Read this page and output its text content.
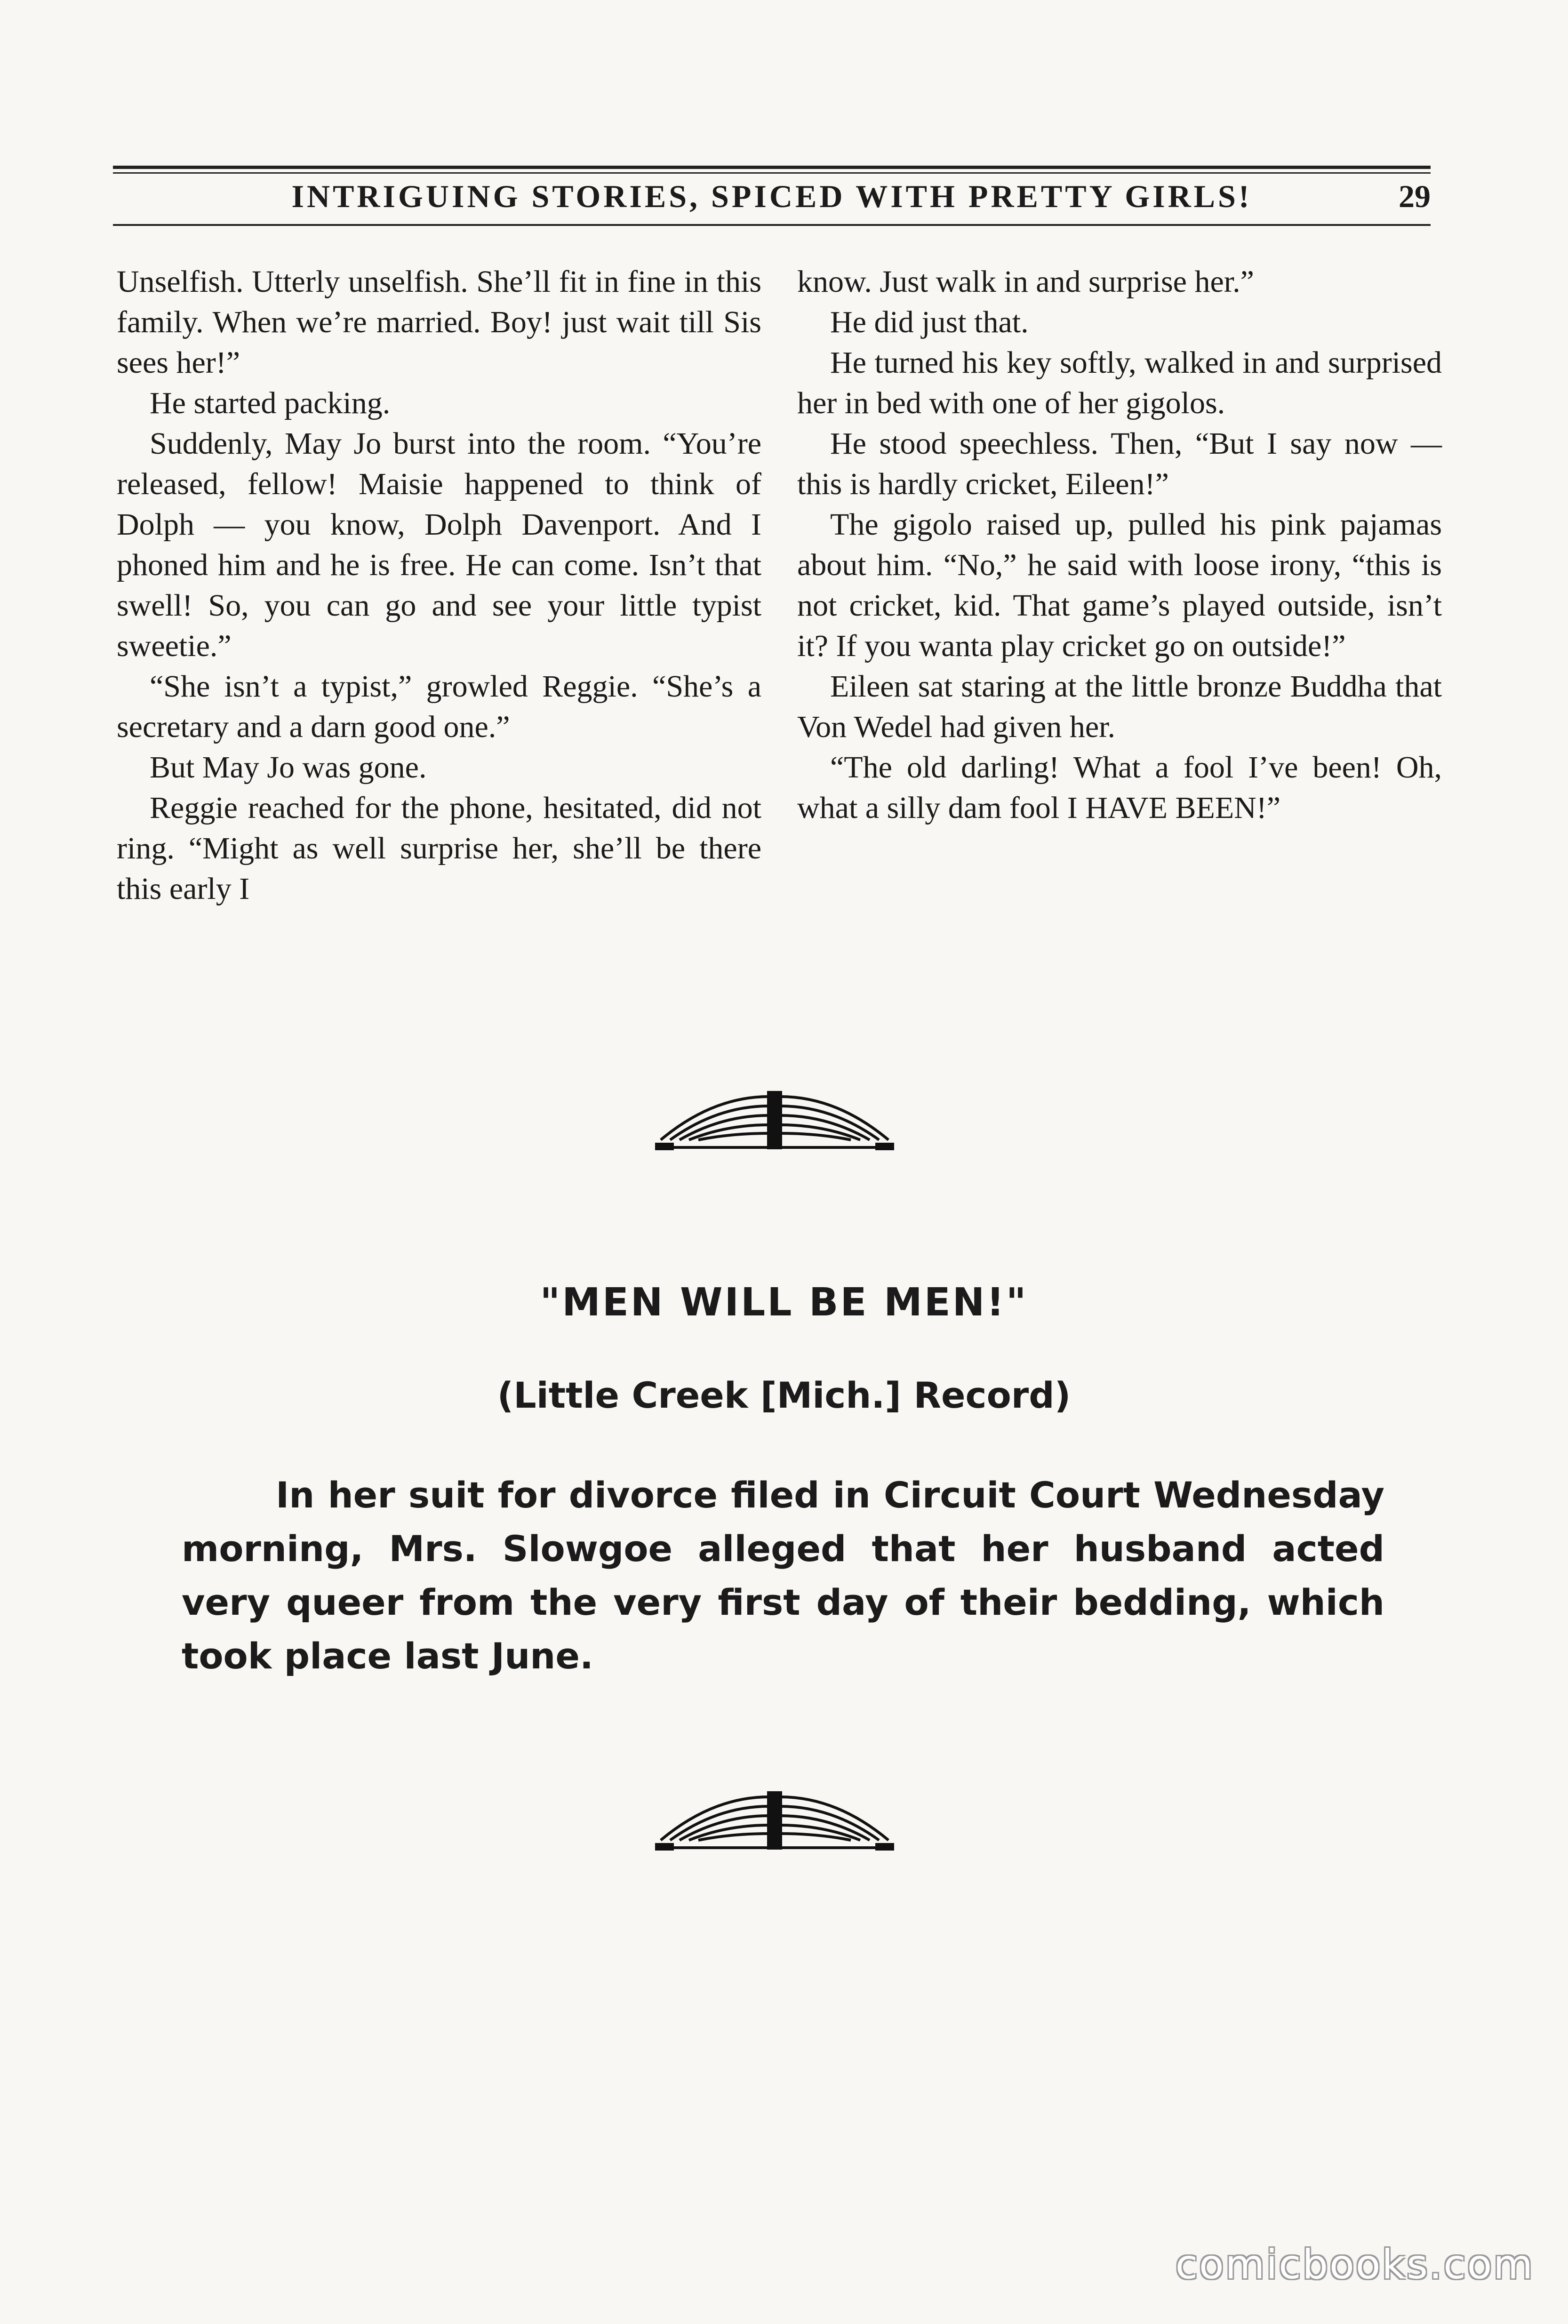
INTRIGUING STORIES, SPICED WITH PRETTY GIRLS!	29

Unselfish. Utterly unselfish. She’ll fit in fine in this family. When we’re married. Boy! just wait till Sis sees her!”

He started packing.

Suddenly, May Jo burst into the room. “You’re released, fellow! Maisie happened to think of Dolph — you know, Dolph Davenport. And I phoned him and he is free. He can come. Isn’t that swell! So, you can go and see your little typist sweetie.”

“She isn’t a typist,” growled Reggie. “She’s a secretary and a darn good one.”

But May Jo was gone.

Reggie reached for the phone, hesitated, did not ring. “Might as well surprise her, she’ll be there this early I

know. Just walk in and surprise her.”

He did just that.

He turned his key softly, walked in and surprised her in bed with one of her gigolos.

He stood speechless. Then, “But I say now — this is hardly cricket, Eileen!”

The gigolo raised up, pulled his pink pajamas about him. “No,” he said with loose irony, “this is not cricket, kid. That game’s played outside, isn’t it? If you wanta play cricket go on outside!”

Eileen sat staring at the little bronze Buddha that Von Wedel had given her.

“The old darling! What a fool I’ve been! Oh, what a silly dam fool I HAVE BEEN!”

"MEN WILL BE MEN!"
(Little Creek [Mich.] Record)
In her suit for divorce filed in Circuit Court Wednesday morning, Mrs. Slowgoe alleged that her husband acted very queer from the very first day of their bedding, which took place last June.
comicbooks.com
